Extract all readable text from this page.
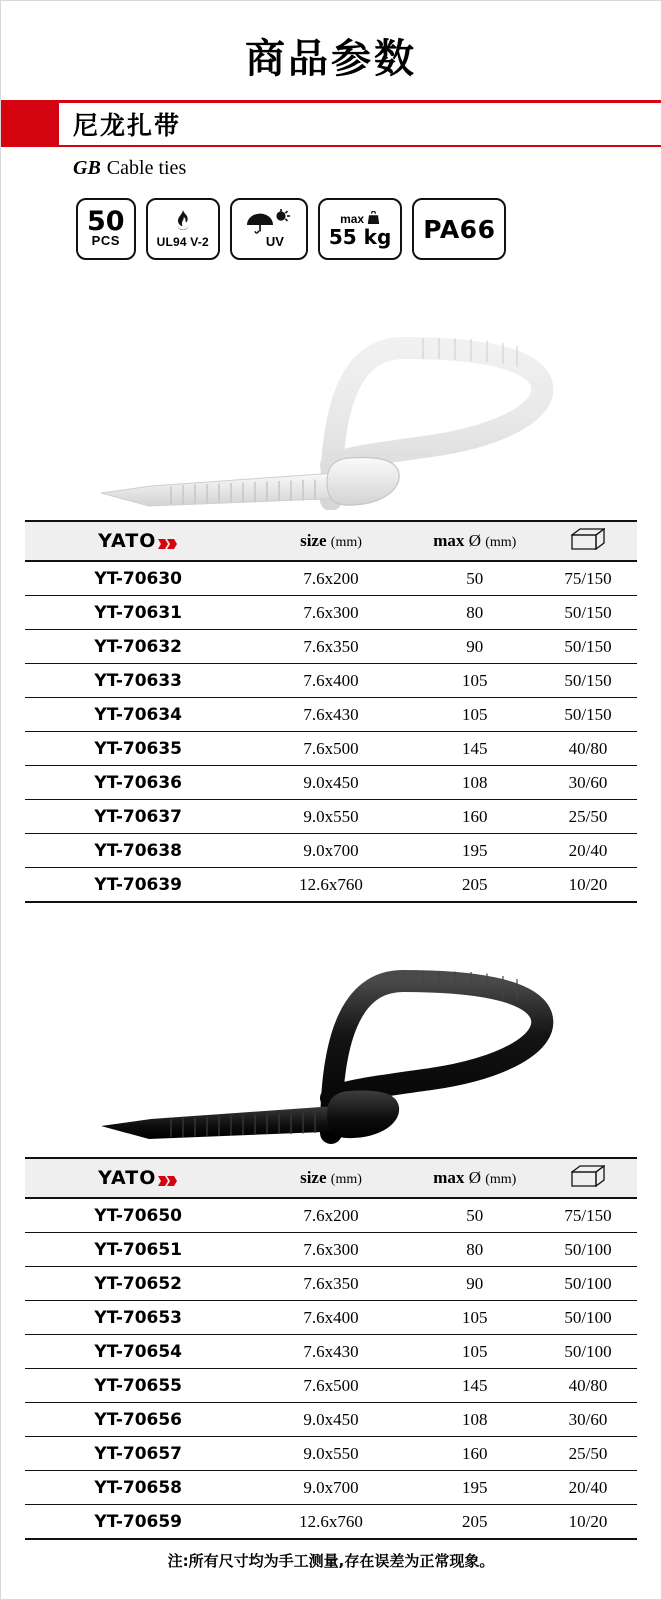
商品参数
尼龙扎带
GB Cable ties
50
PCS	UL94 V-2	UV
max
55 kg PA66
YATO	size (mm)	max Ø (mm)	
YT-70630	7.6x200	50	75/150
YT-70631	7.6x300	80	50/150
YT-70632	7.6x350	90	50/150
YT-70633	7.6x400	105	50/150
YT-70634	7.6x430	105	50/150
YT-70635	7.6x500	145	40/80
YT-70636	9.0x450	108	30/60
YT-70637	9.0x550	160	25/50
YT-70638	9.0x700	195	20/40
YT-70639	12.6x760	205	10/20
YATO	size (mm)	max Ø (mm)	
YT-70650	7.6x200	50	75/150
YT-70651	7.6x300	80	50/100
YT-70652	7.6x350	90	50/100
YT-70653	7.6x400	105	50/100
YT-70654	7.6x430	105	50/100
YT-70655	7.6x500	145	40/80
YT-70656	9.0x450	108	30/60
YT-70657	9.0x550	160	25/50
YT-70658	9.0x700	195	20/40
YT-70659	12.6x760	205	10/20
注:所有尺寸均为手工测量,存在误差为正常现象。
